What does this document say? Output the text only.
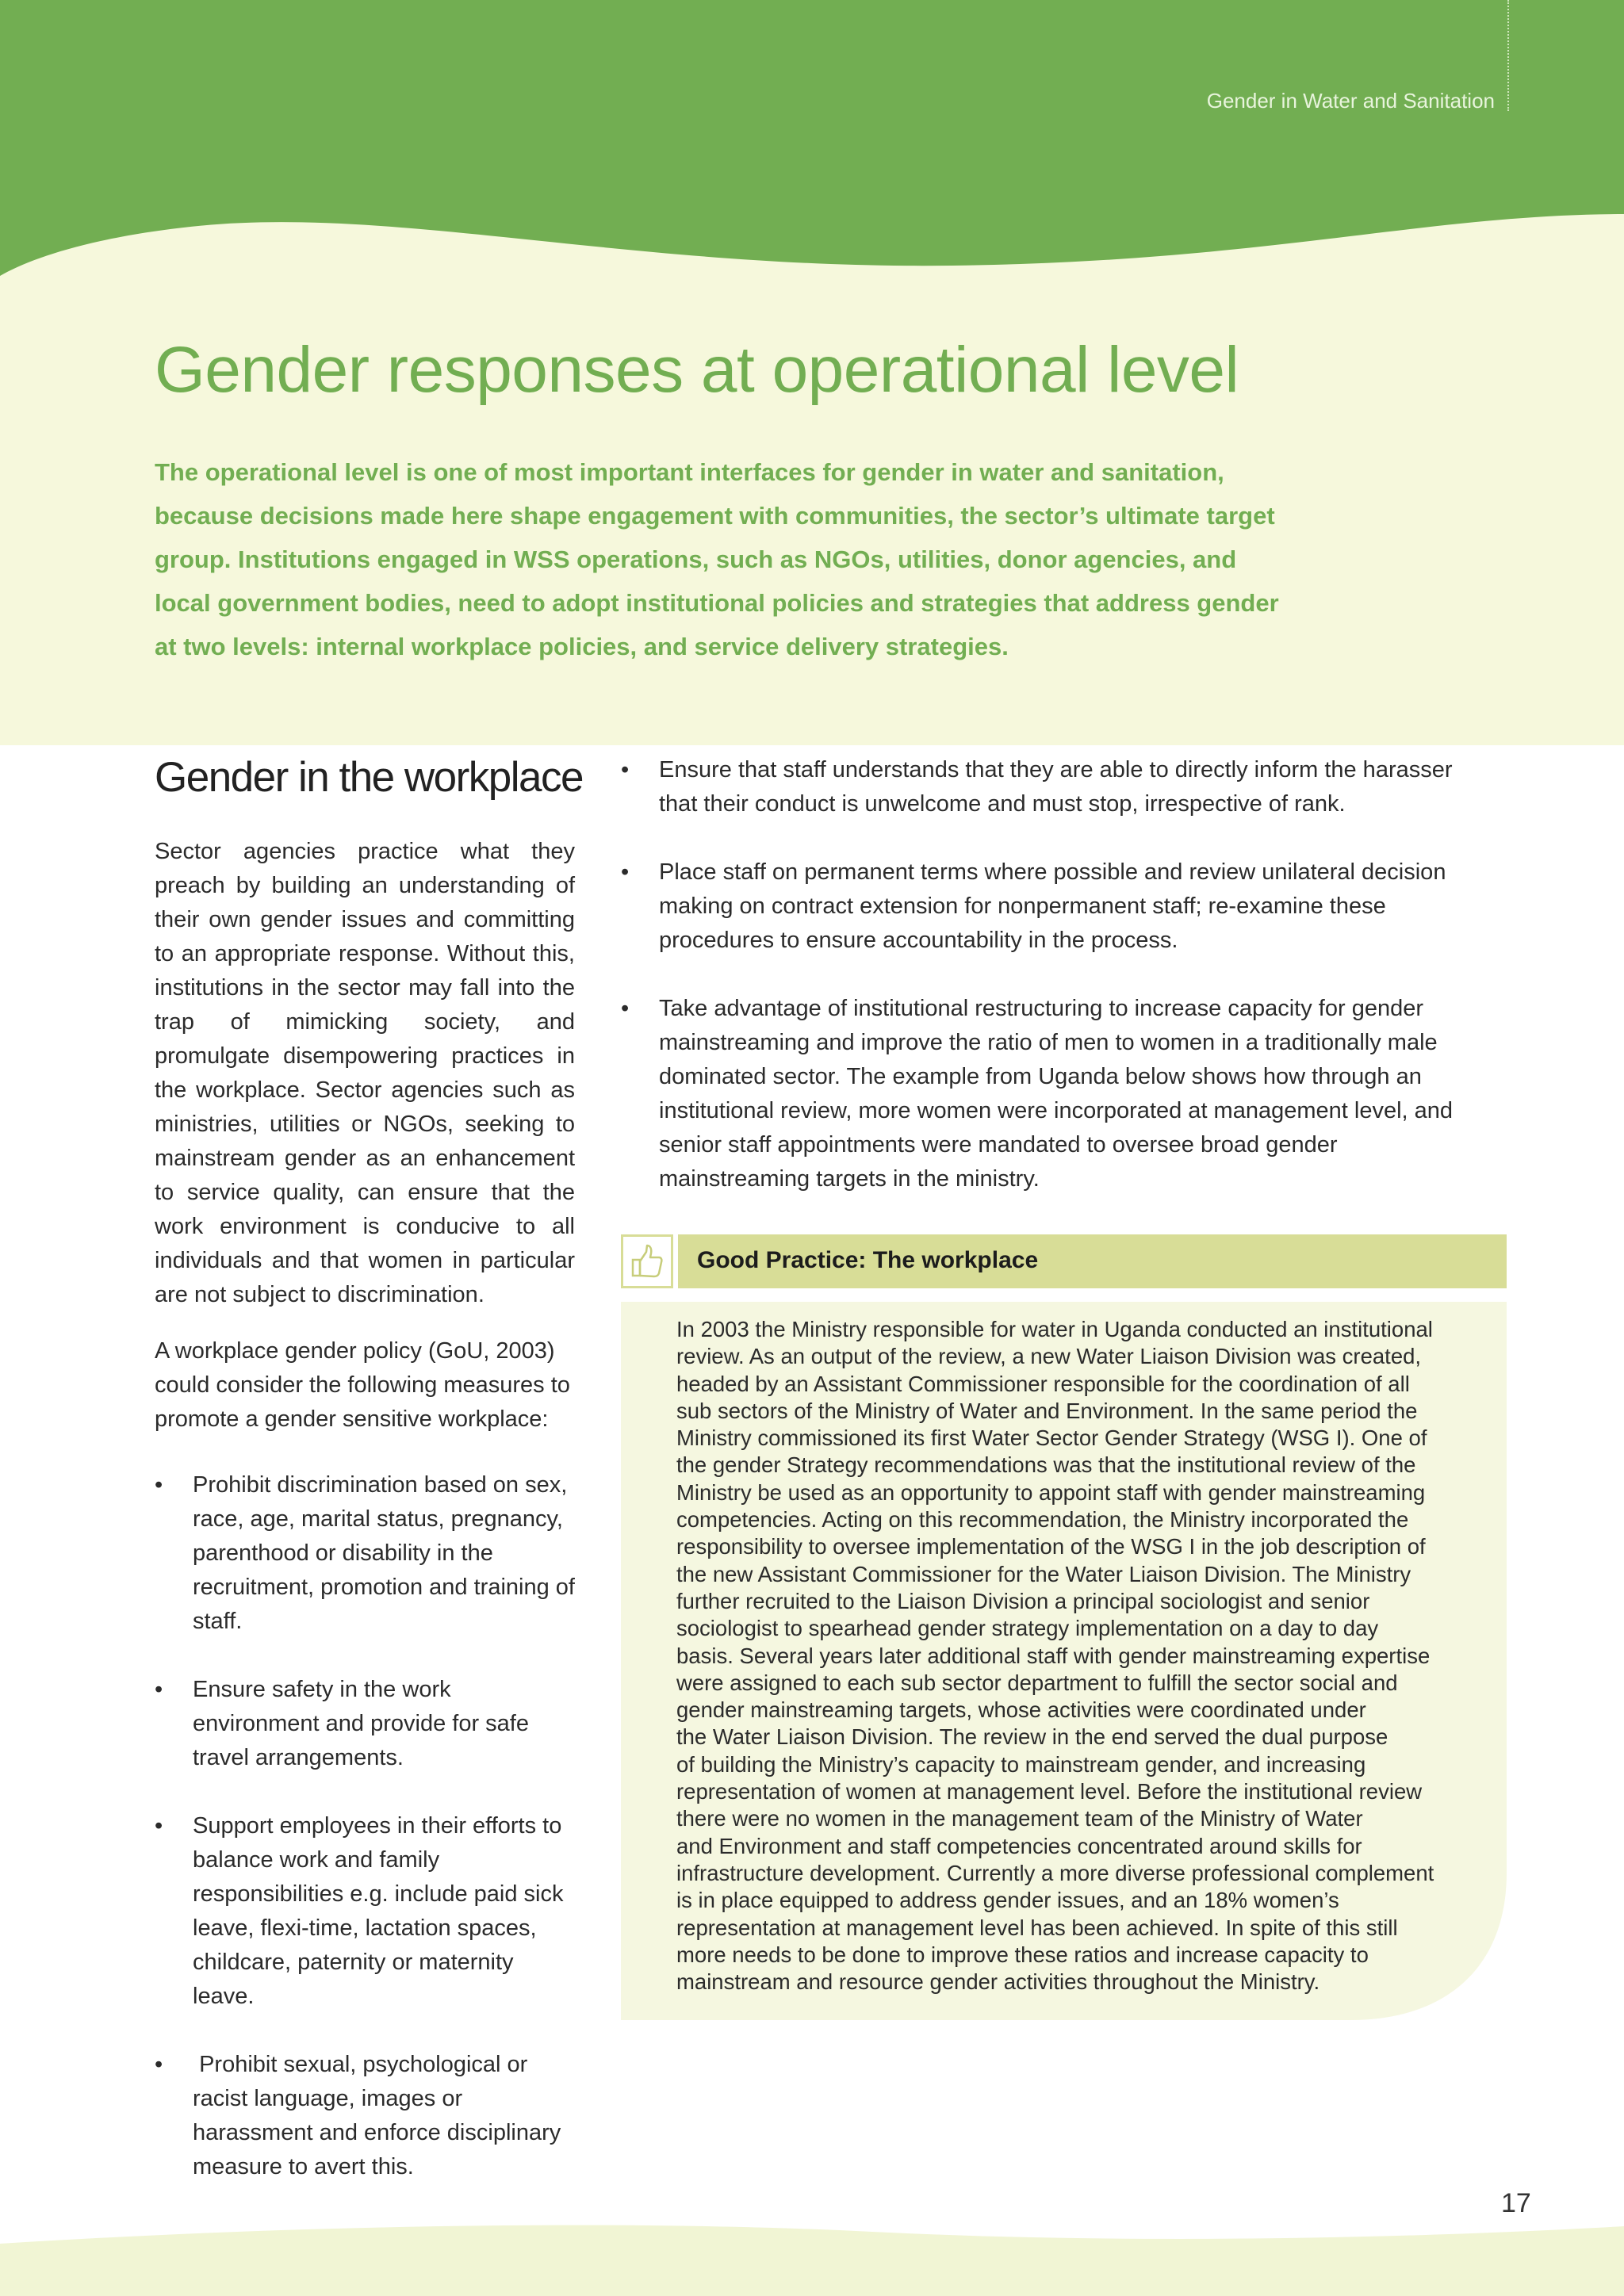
Gender in Water and Sanitation
Gender responses at operational level

The operational level is one of most important interfaces for gender in water and sanitation, because decisions made here shape engagement with communities, the sector’s ultimate target group. Institutions engaged in WSS operations, such as NGOs, utilities, donor agencies, and local government bodies, need to adopt institutional policies and strategies that address gender at two levels: internal workplace policies, and service delivery strategies.

Gender in the workplace

Sector agencies practice what they preach by building an understanding of their own gender issues and committing to an appropriate response. Without this, institutions in the sector may fall into the trap of mimicking society, and promulgate disempowering practices in the workplace. Sector agencies such as ministries, utilities or NGOs, seeking to mainstream gender as an enhancement to service quality, can ensure that the work environment is conducive to all individuals and that women in particular are not subject to discrimination.

A workplace gender policy (GoU, 2003) could consider the following measures to promote a gender sensitive workplace:

• Prohibit discrimination based on sex, race, age, marital status, pregnancy, parenthood or disability in the recruitment, promotion and training of staff.
• Ensure safety in the work environment and provide for safe travel arrangements.
• Support employees in their efforts to balance work and family responsibilities e.g. include paid sick leave, flexi-time, lactation spaces, childcare, paternity or maternity leave.
• Prohibit sexual, psychological or racist language, images or harassment and enforce disciplinary measure to avert this.
• Ensure that staff understands that they are able to directly inform the harasser that their conduct is unwelcome and must stop, irrespective of rank.
• Place staff on permanent terms where possible and review unilateral decision making on contract extension for nonpermanent staff; re-examine these procedures to ensure accountability in the process.
• Take advantage of institutional restructuring to increase capacity for gender mainstreaming and improve the ratio of men to women in a traditionally male dominated sector. The example from Uganda below shows how through an institutional review, more women were incorporated at management level, and senior staff appointments were mandated to oversee broad gender mainstreaming targets in the ministry.
Good Practice: The workplace
In 2003 the Ministry responsible for water in Uganda conducted an institutional
review. As an output of the review, a new Water Liaison Division was created,
headed by an Assistant Commissioner responsible for the coordination of all
sub sectors of the Ministry of Water and Environment. In the same period the
Ministry commissioned its first Water Sector Gender Strategy (WSG I). One of
the gender Strategy recommendations was that the institutional review of the
Ministry be used as an opportunity to appoint staff with gender mainstreaming
competencies. Acting on this recommendation, the Ministry incorporated the
responsibility to oversee implementation of the WSG I in the job description of
the new Assistant Commissioner for the Water Liaison Division. The Ministry
further recruited to the Liaison Division a principal sociologist and senior
sociologist to spearhead gender strategy implementation on a day to day
basis. Several years later additional staff with gender mainstreaming expertise
were assigned to each sub sector department to fulfill the sector social and
gender mainstreaming targets, whose activities were coordinated under
the Water Liaison Division. The review in the end served the dual purpose
of building the Ministry’s capacity to mainstream gender, and increasing
representation of women at management level. Before the institutional review
there were no women in the management team of the Ministry of Water
and Environment and staff competencies concentrated around skills for
infrastructure development. Currently a more diverse professional complement
is in place equipped to address gender issues, and an 18% women’s
representation at management level has been achieved. In spite of this still
more needs to be done to improve these ratios and increase capacity to
mainstream and resource gender activities throughout the Ministry.
17
